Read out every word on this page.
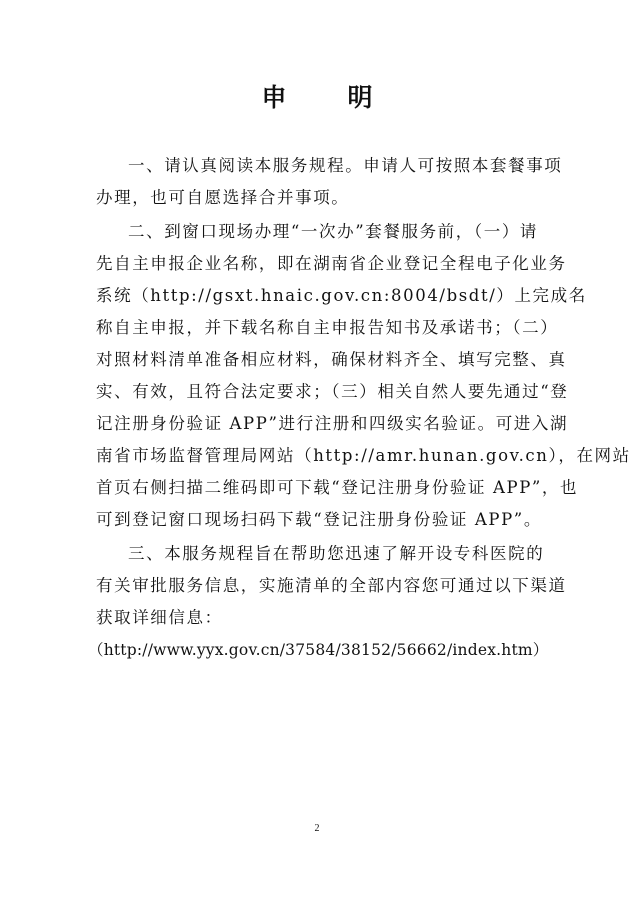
申　明
一、请认真阅读本服务规程。申请人可按照本套餐事项
办理，也可自愿选择合并事项。
二、到窗口现场办理“一次办”套餐服务前，（一）请
先自主申报企业名称，即在湖南省企业登记全程电子化业务
系统（http://gsxt.hnaic.gov.cn:8004/bsdt/）上完成名
称自主申报，并下载名称自主申报告知书及承诺书；（二）
对照材料清单准备相应材料，确保材料齐全、填写完整、真
实、有效，且符合法定要求；（三）相关自然人要先通过“登
记注册身份验证 APP”进行注册和四级实名验证。可进入湖
南省市场监督管理局网站（http://amr.hunan.gov.cn），在网站
首页右侧扫描二维码即可下载“登记注册身份验证 APP”，也
可到登记窗口现场扫码下载“登记注册身份验证 APP”。
三、本服务规程旨在帮助您迅速了解开设专科医院的
有关审批服务信息，实施清单的全部内容您可通过以下渠道
获取详细信息：
（http://www.yyx.gov.cn/37584/38152/56662/index.htm）
2
